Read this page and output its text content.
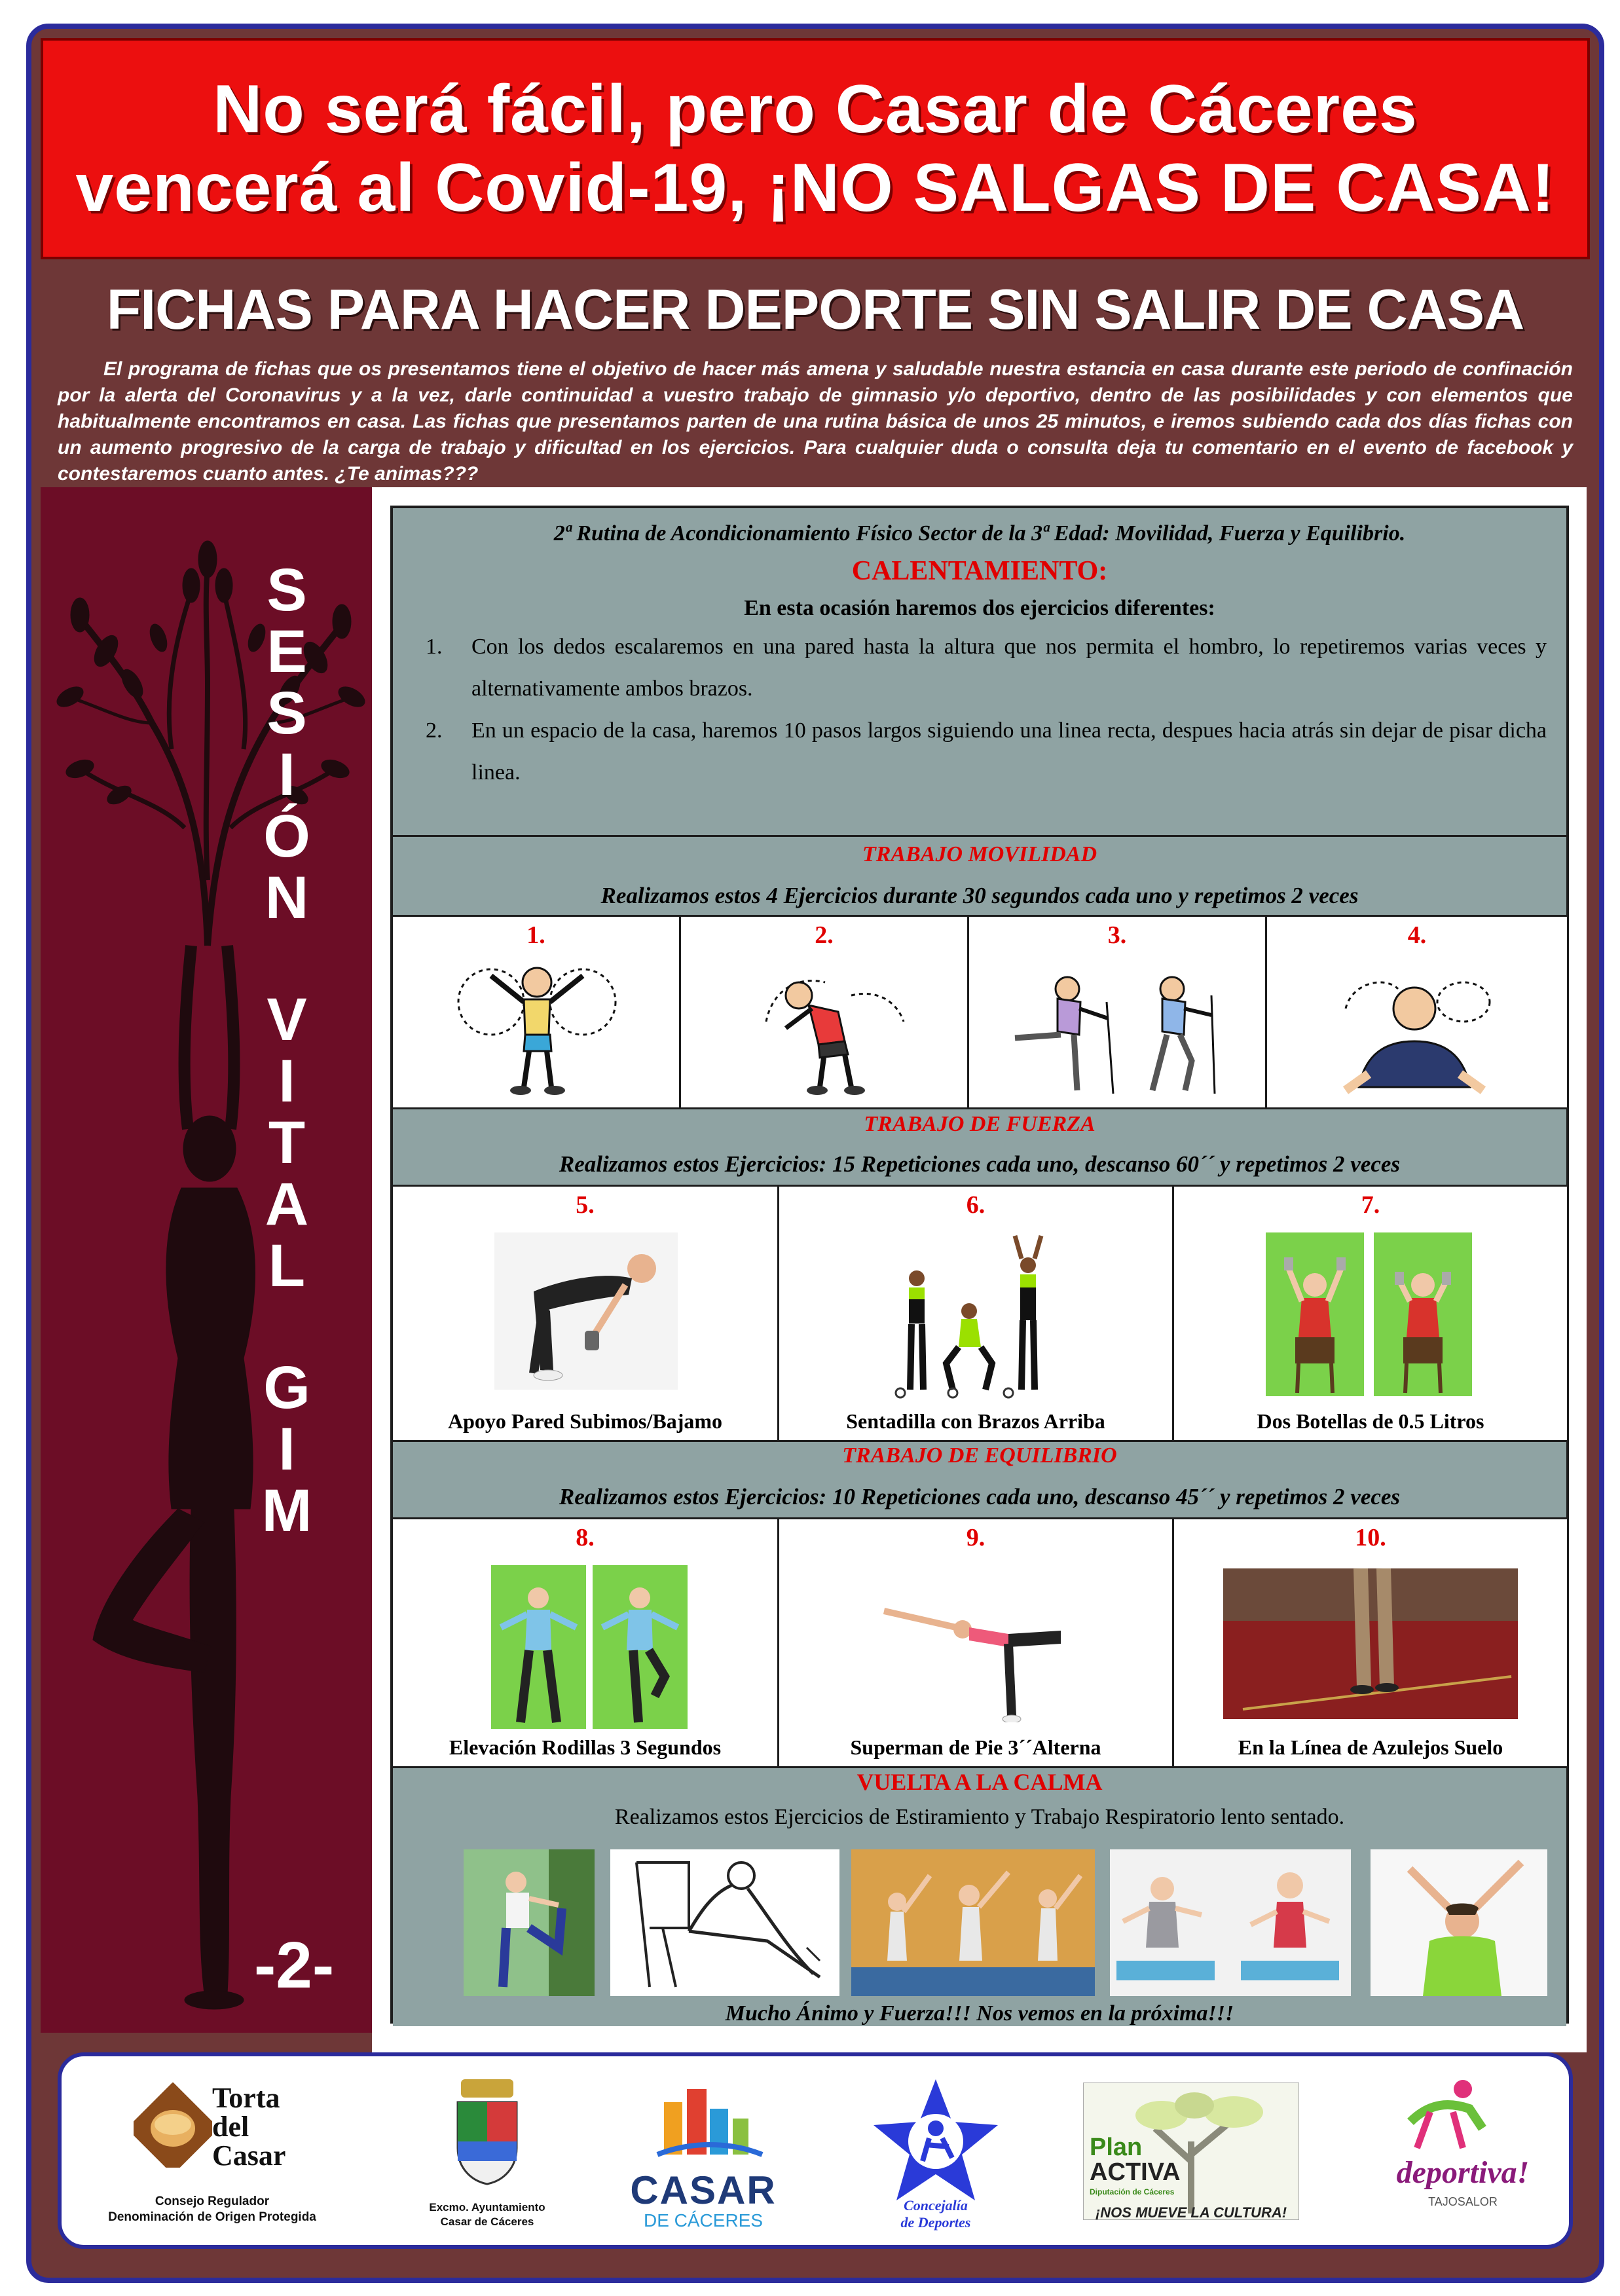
No será fácil, pero Casar de Cáceres
vencerá al Covid-19, ¡NO SALGAS DE CASA!
FICHAS PARA HACER DEPORTE SIN SALIR DE CASA
El programa de fichas que os presentamos tiene el objetivo de hacer más amena y saludable nuestra estancia en casa durante este periodo de confinación por la alerta del Coronavirus y a la vez, darle continuidad a vuestro trabajo de gimnasio y/o deportivo, dentro de las posibilidades y con elementos que habitualmente encontramos en casa. Las fichas que presentamos parten de una rutina básica de unos 25 minutos, e iremos subiendo cada dos días fichas con un aumento progresivo de la carga de trabajo y dificultad en los ejercicios. Para cualquier duda o consulta deja tu comentario en el evento de facebook y contestaremos cuanto antes. ¿Te animas???
S
E
S
I
Ó
N
V
I
T
A
L
G
I
M
-2-
2ª Rutina de Acondicionamiento Físico Sector de la 3ª Edad: Movilidad, Fuerza y Equilibrio.
CALENTAMIENTO:
En esta ocasión haremos dos ejercicios diferentes:
1.	Con los dedos escalaremos en una pared hasta la altura que nos permita el hombro, lo repetiremos varias veces y alternativamente ambos brazos.
2.	En un espacio de la casa, haremos 10 pasos largos siguiendo una linea recta, despues hacia atrás sin dejar de pisar dicha linea.
TRABAJO MOVILIDAD
Realizamos estos 4 Ejercicios durante 30 segundos cada uno y repetimos 2 veces
1.	2.	3.	4.
TRABAJO DE FUERZA
Realizamos estos Ejercicios: 15 Repeticiones cada uno, descanso 60´´ y repetimos 2 veces
5.
Apoyo Pared Subimos/Bajamo
6.
Sentadilla con Brazos Arriba
7.
Dos Botellas de 0.5 Litros
TRABAJO DE EQUILIBRIO
Realizamos estos Ejercicios: 10 Repeticiones cada uno, descanso 45´´ y repetimos 2 veces
8.
Elevación Rodillas 3 Segundos
9.
Superman de Pie 3´´Alterna
10.
En la Línea de Azulejos Suelo
VUELTA A LA CALMA
Realizamos estos Ejercicios de Estiramiento y Trabajo Respiratorio lento sentado.
Mucho Ánimo y Fuerza!!! Nos vemos en la próxima!!!
Torta
del
Casar
Consejo Regulador
Denominación de Origen Protegida
Excmo. Ayuntamiento
Casar de Cáceres
CASAR
DE CÁCERES
Concejalía
de Deportes
Plan
ACTIVA
Diputación de Cáceres
¡NOS MUEVE LA CULTURA!
deportiva!
TAJOSALOR
